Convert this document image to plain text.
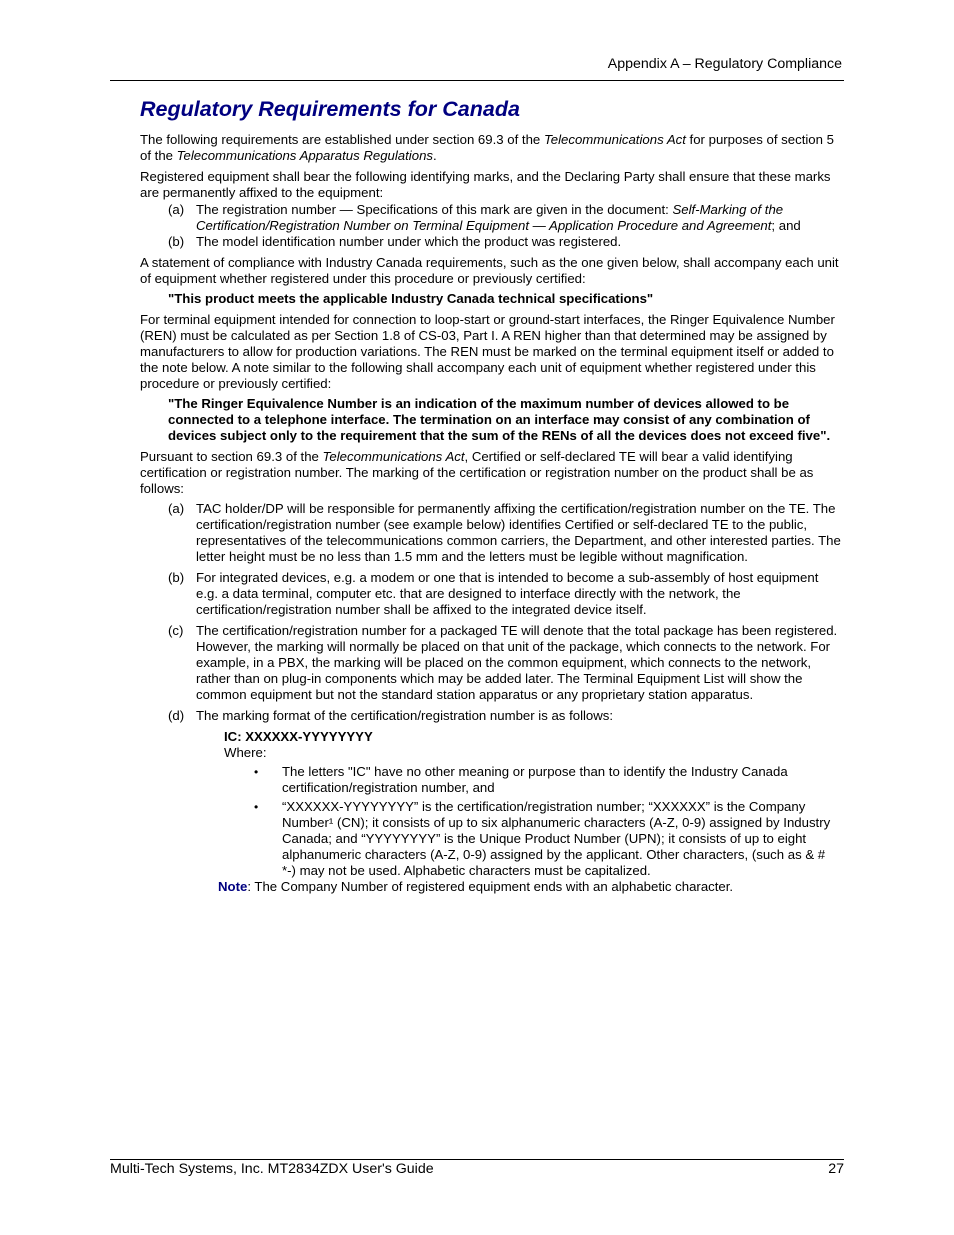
Appendix A – Regulatory Compliance
Regulatory Requirements for Canada

The following requirements are established under section 69.3 of the Telecommunications Act for purposes of section 5 of the Telecommunications Apparatus Regulations.

Registered equipment shall bear the following identifying marks, and the Declaring Party shall ensure that these marks are permanently affixed to the equipment:

(a) The registration number — Specifications of this mark are given in the document: Self-Marking of the Certification/Registration Number on Terminal Equipment — Application Procedure and Agreement; and
(b) The model identification number under which the product was registered.

A statement of compliance with Industry Canada requirements, such as the one given below, shall accompany each unit of equipment whether registered under this procedure or previously certified:

"This product meets the applicable Industry Canada technical specifications"

For terminal equipment intended for connection to loop-start or ground-start interfaces, the Ringer Equivalence Number (REN) must be calculated as per Section 1.8 of CS-03, Part I. A REN higher than that determined may be assigned by manufacturers to allow for production variations. The REN must be marked on the terminal equipment itself or added to the note below. A note similar to the following shall accompany each unit of equipment whether registered under this procedure or previously certified:

"The Ringer Equivalence Number is an indication of the maximum number of devices allowed to be connected to a telephone interface. The termination on an interface may consist of any combination of devices subject only to the requirement that the sum of the RENs of all the devices does not exceed five".

Pursuant to section 69.3 of the Telecommunications Act, Certified or self-declared TE will bear a valid identifying certification or registration number. The marking of the certification or registration number on the product shall be as follows:

(a) TAC holder/DP will be responsible for permanently affixing the certification/registration number on the TE. The certification/registration number (see example below) identifies Certified or self-declared TE to the public, representatives of the telecommunications common carriers, the Department, and other interested parties. The letter height must be no less than 1.5 mm and the letters must be legible without magnification.
(b) For integrated devices, e.g. a modem or one that is intended to become a sub-assembly of host equipment e.g. a data terminal, computer etc. that are designed to interface directly with the network, the certification/registration number shall be affixed to the integrated device itself.
(c) The certification/registration number for a packaged TE will denote that the total package has been registered. However, the marking will normally be placed on that unit of the package, which connects to the network. For example, in a PBX, the marking will be placed on the common equipment, which connects to the network, rather than on plug-in components which may be added later. The Terminal Equipment List will show the common equipment but not the standard station apparatus or any proprietary station apparatus.
(d) The marking format of the certification/registration number is as follows:
IC: XXXXXX-YYYYYYYY
Where:
•	The letters "IC" have no other meaning or purpose than to identify the Industry Canada certification/registration number, and
•	“XXXXXX-YYYYYYYY” is the certification/registration number; “XXXXXX” is the Company Number¹ (CN); it consists of up to six alphanumeric characters (A-Z, 0-9) assigned by Industry Canada; and “YYYYYYYY” is the Unique Product Number (UPN); it consists of up to eight alphanumeric characters (A-Z, 0-9) assigned by the applicant. Other characters, (such as & # *-) may not be used. Alphabetic characters must be capitalized.
Note: The Company Number of registered equipment ends with an alphabetic character.
Multi-Tech Systems, Inc. MT2834ZDX User's Guide	27
